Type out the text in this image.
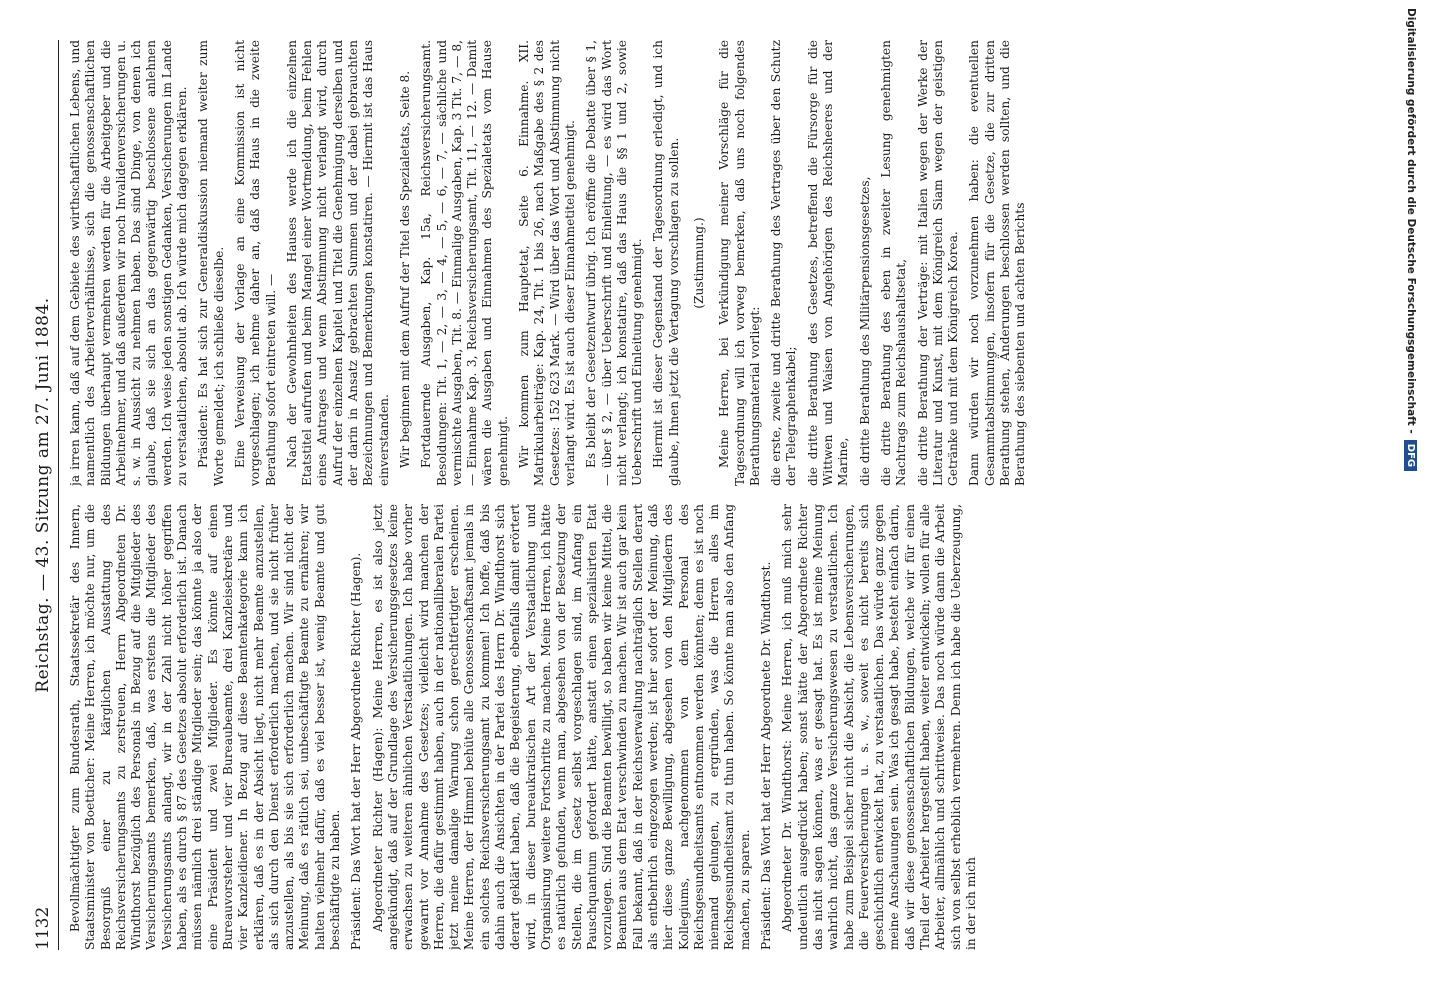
1132
Reichstag. — 43. Sitzung am 27. Juni 1884.

Bevollmächtigter zum Bundesrath, Staatssekretär des Innern, Staatsminister von Boetticher: Meine Herren, ich möchte nur, um die Besorgniß einer zu kärglichen Ausstattung des Reichsversicherungsamts zu zerstreuen, Herrn Abgeordneten Dr. Windthorst bezüglich des Personals in Bezug auf die Mitglieder des Versicherungsamts bemerken, daß, was erstens die Mitglieder des Versicherungsamts anlangt, wir in der Zahl nicht höher gegriffen haben, als es durch § 87 des Gesetzes absolut erforderlich ist. Danach müssen nämlich drei ständige Mitglieder sein; das könnte ja also der eine Präsident und zwei Mitglieder. Es könnte auf einen Bureauvorsteher und vier Bureaubeamte, drei Kanzleisekretäre und vier Kanzleidiener. In Bezug auf diese Beamtenkategorie kann ich erklären, daß es in der Absicht liegt, nicht mehr Beamte anzustellen, als sich durch den Dienst erforderlich machen, und sie nicht früher anzustellen, als bis sie sich erforderlich machen. Wir sind nicht der Meinung, daß es rätlich sei, unbeschäftigte Beamte zu ernähren; wir halten vielmehr dafür, daß es viel besser ist, wenig Beamte und gut beschäftigte zu haben. Präsident: Das Wort hat der Herr Abgeordnete Richter (Hagen). Abgeordneter Richter (Hagen): Meine Herren, es ist also jetzt angekündigt, daß auf der Grundlage des Versicherungsgesetzes keine erwachsen zu weiteren ähnlichen Verstaatlichungen. Ich habe vorher gewarnt vor Annahme des Gesetzes; vielleicht wird manchen der Herren, die dafür gestimmt haben, auch in der nationalliberalen Partei jetzt meine damalige Warnung schon gerechtfertigter erscheinen. Meine Herren, der Himmel behüte alle Genossenschaftsamt jemals in ein solches Reichsversicherungsamt zu kommen! Ich hoffe, daß bis dahin auch die Ansichten in der Partei des Herrn Dr. Windthorst sich derart geklärt haben, daß die Begeisterung, ebenfalls damit erörtert wird, in dieser bureaukratischen Art der Verstaatlichung und Organisirung weitere Fortschritte zu machen. Meine Herren, ich hätte es natürlich gefunden, wenn man, abgesehen von der Besetzung der Stellen, die im Gesetz selbst vorgeschlagen sind, im Anfang ein Pauschquantum gefordert hätte, anstatt einen spezialisirten Etat vorzulegen. Sind die Beamten bewilligt, so haben wir keine Mittel, die Beamten aus dem Etat verschwinden zu machen. Wir ist auch gar kein Fall bekannt, daß in der Reichsverwaltung nachträglich Stellen derart als entbehrlich eingezogen werden; ist hier sofort der Meinung, daß hier diese ganze Bewilligung, abgesehen von den Mitgliedern des Kollegiums, nachgenommen von dem Personal des Reichsgesundheitsamts entnommen werden könnten; denn es ist noch niemand gelungen, zu ergründen, was die Herren alles im Reichsgesundheitsamt zu thun haben. So könnte man also den Anfang machen, zu sparen. Präsident: Das Wort hat der Herr Abgeordnete Dr. Windthorst. Abgeordneter Dr. Windthorst: Meine Herren, ich muß mich sehr undeutlich ausgedrückt haben; sonst hätte der Abgeordnete Richter das nicht sagen können, was er gesagt hat. Es ist meine Meinung wahrlich nicht, das ganze Versicherungswesen zu verstaatlichen. Ich habe zum Beispiel sicher nicht die Absicht, die Lebensversicherungen, die Feuerversicherungen u. s. w., soweit es nicht bereits sich geschichtlich entwickelt hat, zu verstaatlichen. Das würde ganz gegen meine Anschauungen sein. Was ich gesagt habe, besteht einfach darin, daß wir diese genossenschaftlichen Bildungen, welche wir für einen Theil der Arbeiter hergestellt haben, weiter entwickeln; wollen für alle Arbeiter, allmählich und schrittweise. Das noch würde dann die Arbeit sich von selbst erheblich vermehren. Denn ich habe die Ueberzeugung, in der ich mich

ja irren kann, daß auf dem Gebiete des wirthschaftlichen Lebens, und namentlich des Arbeiterverhältnisse, sich die genossenschaftlichen Bildungen überhaupt vermehren werden für die Arbeitgeber und die Arbeitnehmer, und daß außerdem wir noch Invalidenversicherungen u. s. w. in Aussicht zu nehmen haben. Das sind Dinge, von denen ich glaube, daß sie sich an das gegenwärtig beschlossene anlehnen werden. Ich weise jeden sonstigen Gedanken, Versicherungen im Lande zu verstaatlichen, absolut ab. Ich würde mich dagegen erklären. Präsident: Es hat sich zur Generaldiskussion niemand weiter zum Worte gemeldet; ich schließe dieselbe. Eine Verweisung der Vorlage an eine Kommission ist nicht vorgeschlagen; ich nehme daher an, daß das Haus in die zweite Berathung sofort eintreten will. — Nach der Gewohnheiten des Hauses werde ich die einzelnen Etatstitel aufrufen und beim Mangel einer Wortmeldung, beim Fehlen eines Antrages und wenn Abstimmung nicht verlangt wird, durch Aufruf der einzelnen Kapitel und Titel die Genehmigung derselben und der darin in Ansatz gebrachten Summen und der dabei gebrauchten Bezeichnungen und Bemerkungen konstatiren. — Hiermit ist das Haus einverstanden. Wir beginnen mit dem Aufruf der Titel des Spezialetats, Seite 8. Fortdauernde Ausgaben, Kap. 15a, Reichsversicherungsamt. Besoldungen: Tit. 1, — 2, — 3, — 4, — 5, — 6, — 7, — sächliche und vermischte Ausgaben, Tit. 8. — Einmalige Ausgaben, Kap. 3 Tit. 7, — 8, — Einnahme Kap. 3, Reichsversicherungsamt, Tit. 11, — 12. — Damit wären die Ausgaben und Einnahmen des Spezialetats vom Hause genehmigt. Wir kommen zum Hauptetat, Seite 6. Einnahme. XII. Matrikularbeiträge: Kap. 24, Tit. 1 bis 26, nach Maßgabe des § 2 des Gesetzes: 152 623 Mark. — Wird über das Wort und Abstimmung nicht verlangt wird. Es ist auch dieser Einnahmetitel genehmigt. Es bleibt der Gesetzentwurf übrig. Ich eröffne die Debatte über § 1, — über § 2, — über Ueberschrift und Einleitung, — es wird das Wort nicht verlangt; ich konstatire, daß das Haus die §§ 1 und 2, sowie Ueberschrift und Einleitung genehmigt. Hiermit ist dieser Gegenstand der Tagesordnung erledigt, und ich glaube, Ihnen jetzt die Vertagung vorschlagen zu sollen. (Zustimmung.) Meine Herren, bei Verkündigung meiner Vorschläge für die Tagesordnung will ich vorweg bemerken, daß uns noch folgendes Berathungsmaterial vorliegt: die erste, zweite und dritte Berathung des Vertrages über den Schutz der Telegraphenkabel; die dritte Berathung des Gesetzes, betreffend die Fürsorge für die Wittwen und Waisen von Angehörigen des Reichsheeres und der Marine, die dritte Berathung des Militärpensionsgesetzes, die dritte Berathung des eben in zweiter Lesung genehmigten Nachtrags zum Reichshaushaltsetat, die dritte Berathung der Verträge: mit Italien wegen der Werke der Literatur und Kunst, mit dem Königreich Siam wegen der geistigen Getränke und mit dem Königreich Korea. Dann würden wir noch vorzunehmen haben: die eventuellen Gesammtabstimmungen, insofern für die Gesetze, die zur dritten Berathung stehen, Änderungen beschlossen werden sollten, und die Berathung des siebenten und achten Berichts	Digitalisierung gefördert durch die Deutsche Forschungsgemeinschaft -
DFG
